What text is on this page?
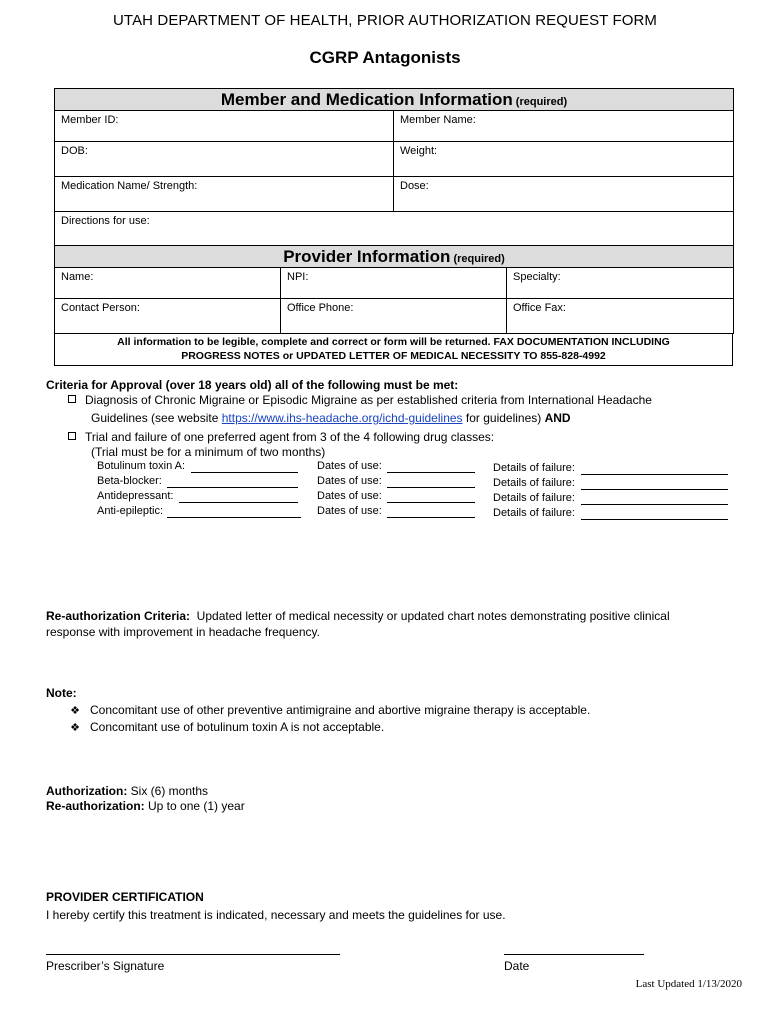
UTAH DEPARTMENT OF HEALTH, PRIOR AUTHORIZATION REQUEST FORM
CGRP Antagonists
Member and Medication Information (required)	
Member ID:	Member Name:
DOB:	Weight:
Medication Name/ Strength:	Dose:
Directions for use:	
Provider Information (required)		
Name:	NPI:	Specialty:
Contact Person:	Office Phone:	Office Fax:
All information to be legible, complete and correct or form will be returned. FAX DOCUMENTATION INCLUDING
PROGRESS NOTES or UPDATED LETTER OF MEDICAL NECESSITY TO 855-828-4992
Criteria for Approval (over 18 years old) all of the following must be met:
Diagnosis of Chronic Migraine or Episodic Migraine as per established criteria from International Headache
Guidelines (see website https://www.ihs-headache.org/ichd-guidelines for guidelines) AND
Trial and failure of one preferred agent from 3 of the 4 following drug classes:
(Trial must be for a minimum of two months)
Botulinum toxin A:	Dates of use:	Details of failure:
Beta-blocker:	Dates of use:	Details of failure:
Antidepressant:	Dates of use:	Details of failure:
Anti-epileptic:	Dates of use:	Details of failure:
Re-authorization Criteria:  Updated letter of medical necessity or updated chart notes demonstrating positive clinical
response with improvement in headache frequency.
Note:
❖ Concomitant use of other preventive antimigraine and abortive migraine therapy is acceptable.
❖ Concomitant use of botulinum toxin A is not acceptable.
Authorization: Six (6) months
Re-authorization: Up to one (1) year
PROVIDER CERTIFICATION
I hereby certify this treatment is indicated, necessary and meets the guidelines for use.
Prescriber’s Signature	Date
Last Updated 1/13/2020
